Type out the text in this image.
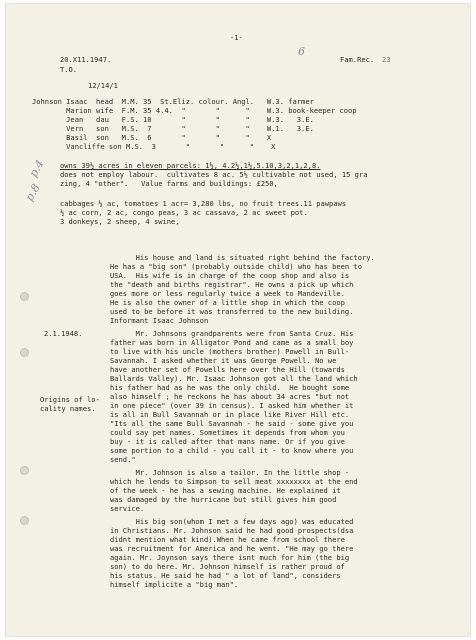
-1-
20.X11.1947.
T.O.
12/14/1
Fam.Rec. 23
6
Johnson Isaac  head  M.M. 35  St.Eliz. colour. Angl.   W.3. farmer
Marion wife  F.M. 35 4.4.  "       "      "    W.3. book-keeper coop
Jean   dau   F.S. 10       "       "      "    W.3.   3.E.
Vern   son   M.S.  7       "       "      "    W.1.   3.E.
Basil  son   M.S.  6       "       "      "    X
Vancliffe son M.S.  3       "       "      "    X
p.4
p.8
owns 39½ acres in eleven parcels: 1½, 4.2½,1½,5.10,3,2,1,2,8.
does not employ labour.  cultivates 8 ac. 5½ cultivable not used, 15 gra
zing, 4 "other".   Value farms and buildings: £250,
cabbages ½ ac, tomatoes 1 acr= 3,280 lbs, no fruit trees.11 pawpaws
½ ac corn, 2 ac, congo peas, 3 ac cassava, 2 ac sweet pot.
3 donkeys, 2 sheep, 4 swine,
2.1.1948.
Origins of lo-
cality names.
His house and land is situated right behind the factory.
He has a "big son" (probably outside child) who has been to
USA.  His wife is in charge of the coop shop and also is
the "death and births registrar". He owns a pick up which
goes more or less regularly twice a week to Mandeville.
He is also the owner of a little shop in which the coop
used to be before it was transferred to the new building.
Informant Isaac Johnson
Mr. Johnsons grandparents were from Santa Cruz. His
father was born in Alligator Pond and came as a small boy
to live with his uncle (mothers brother) Powell in Bull-
Savannah. I asked whether it was George Powell. No we
have another set of Powells here over the Hill (towards
Ballards Valley). Mr. Isaac Johnson got all the land which
his father had as he was the only child.  He bought some
also himself ; he reckons he has about 34 acres "but not
in one piece" (over 39 in census). I asked him whether it
is all in Bull Savannah or in place like River Hill etc.
"Its all the same Bull Savannah - he said - some give you
could say pet names. Sometimes it depends from whom you
buy - it is called after that mans name. Or if you give
some portion to a child - you call it - to know where you
send."
Mr. Johnson is also a tailor. In the little shop -
which he lends to Simpson to sell meat xxxxxxxx at the end
of the week - he has a sewing machine. He explained it
was damaged by the hurricane but still gives him good
service.
His big son(whom I met a few days ago) was educated
in Christians. Mr. Johnson said he had good prospects(dsa
didnt mention what kind).When he came from school there
was recruitment for America and he went. "He may go there
again. Mr. Joynson says there isnt much for him (the big
son) to do here. Mr. Johnson himself is rather proud of
his status. He said he had " a lot of land", considers
himself implicite a "big man".
